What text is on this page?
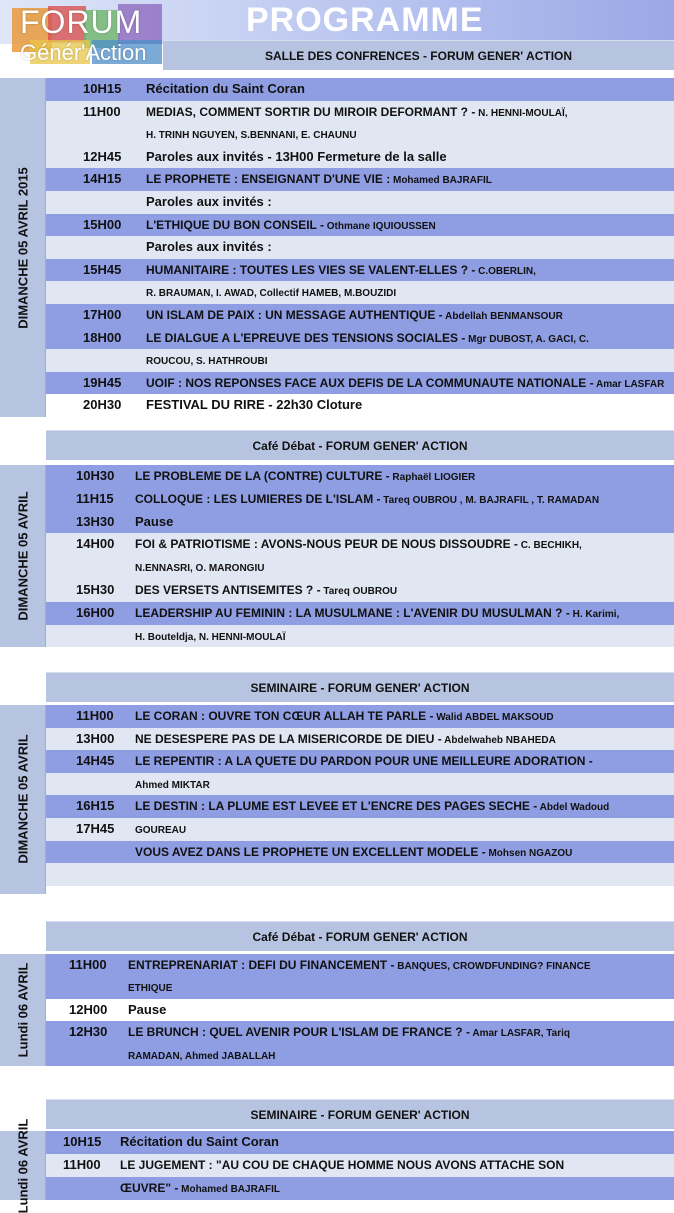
FORUM
Génér'Action
PROGRAMME
SALLE DES CONFRENCES - FORUM GENER' ACTION
DIMANCHE 05 AVRIL 2015
10H15 Récitation du Saint Coran
11H00 MEDIAS, COMMENT SORTIR DU MIROIR DEFORMANT ? - N. HENNI-MOULAÏ,
H. TRINH NGUYEN, S.BENNANI, E. CHAUNU
12H45 Paroles aux invités - 13H00 Fermeture de la salle
14H15 LE PROPHETE : ENSEIGNANT D'UNE VIE : Mohamed BAJRAFIL
Paroles aux invités :
15H00 L'ETHIQUE DU BON CONSEIL - Othmane IQUIOUSSEN
Paroles aux invités :
15H45 HUMANITAIRE : TOUTES LES VIES SE VALENT-ELLES ? - C.OBERLIN,
R. BRAUMAN, I. AWAD, Collectif HAMEB, M.BOUZIDI
17H00 UN ISLAM DE PAIX : UN MESSAGE AUTHENTIQUE - Abdellah BENMANSOUR
18H00 LE DIALGUE A L'EPREUVE DES TENSIONS SOCIALES - Mgr DUBOST, A. GACI, C.
ROUCOU, S. HATHROUBI
19H45 UOIF : NOS REPONSES FACE AUX DEFIS DE LA COMMUNAUTE NATIONALE - Amar LASFAR
20H30 FESTIVAL DU RIRE - 22h30 Cloture
Café Débat - FORUM GENER' ACTION
DIMANCHE 05 AVRIL
10H30 LE PROBLEME DE LA (CONTRE) CULTURE - Raphaël LIOGIER
11H15 COLLOQUE : LES LUMIERES DE L'ISLAM - Tareq OUBROU , M. BAJRAFIL , T. RAMADAN
13H30 Pause
14H00 FOI & PATRIOTISME : AVONS-NOUS PEUR DE NOUS DISSOUDRE - C. BECHIKH,
N.ENNASRI, O. MARONGIU
15H30 DES VERSETS ANTISEMITES ? - Tareq OUBROU
16H00 LEADERSHIP AU FEMININ : LA MUSULMANE : L'AVENIR DU MUSULMAN ? - H. Karimi,
H. Bouteldja, N. HENNI-MOULAÏ
SEMINAIRE - FORUM GENER' ACTION
DIMANCHE 05 AVRIL
11H00 LE CORAN : OUVRE TON CŒUR ALLAH TE PARLE - Walid ABDEL MAKSOUD
13H00 NE DESESPERE PAS DE LA MISERICORDE DE DIEU - Abdelwaheb NBAHEDA
14H45 LE REPENTIR : A LA QUETE DU PARDON POUR UNE MEILLEURE ADORATION -
Ahmed MIKTAR
16H15 LE DESTIN : LA PLUME EST LEVEE ET L'ENCRE DES PAGES SECHE - Abdel Wadoud
17H45 GOUREAU
VOUS AVEZ DANS LE PROPHETE UN EXCELLENT MODELE - Mohsen NGAZOU
Café Débat - FORUM GENER' ACTION
Lundi 06 AVRIL	11H00 ENTREPRENARIAT : DEFI DU FINANCEMENT - BANQUES, CROWDFUNDING? FINANCE
ETHIQUE
12H00 Pause
12H30 LE BRUNCH : QUEL AVENIR POUR L'ISLAM DE FRANCE ? - Amar LASFAR, Tariq
RAMADAN, Ahmed JABALLAH
SEMINAIRE - FORUM GENER' ACTION
Lundi 06 AVRIL	10H15 Récitation du Saint Coran
11H00 LE JUGEMENT : "AU COU DE CHAQUE HOMME NOUS AVONS ATTACHE SON
ŒUVRE" - Mohamed BAJRAFIL
